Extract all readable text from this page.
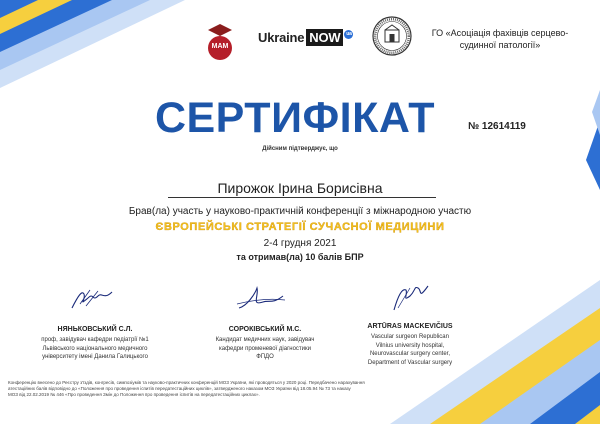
МАМ
Ukraine NOW ua	ГО «Асоціація фахівців серцево-судинної патології»
СЕРТИФІКАТ	№ 12614119
Дійсним підтверджує, що
Пирожок Ірина Борисівна
Брав(ла) участь у науково-практичній конференції з міжнародною участю
ЄВРОПЕЙСЬКІ СТРАТЕГІЇ СУЧАСНОЇ МЕДИЦИНИ
2-4 грудня 2021
та отримав(ла) 10 балів БПР
НЯНЬКОВСЬКИЙ С.Л.
проф, завідувач кафедри педіатрії №1
Львівського національного медичного
університету імені Данила Галицького
СОРОКІВСЬКИЙ М.С.
Кандидат медичних наук, завідувач
кафедри променевої діагностики
ФПДО
ARTŪRAS MACKEVIČIUS
Vascular surgeon Republican
Vilnius university hospital,
Neurovascular surgery center,
Department of Vascular surgery
Конференцію внесено до Реєстру з'їздів, конгресів, симпозіумів та науково-практичних конференцій МОЗ України, які проводяться у 2020 році. Передбачено нарахування
атестаційних балів відповідно до «Положення про проведення іспитів передатестаційних циклів», затвердженого наказом МОЗ України від 18.05.94 № 73 та наказу
МОЗ від 22.02.2019 № 446 «Про проведення Змін до Положення про проведення іспитів на передатестаційних циклах».
